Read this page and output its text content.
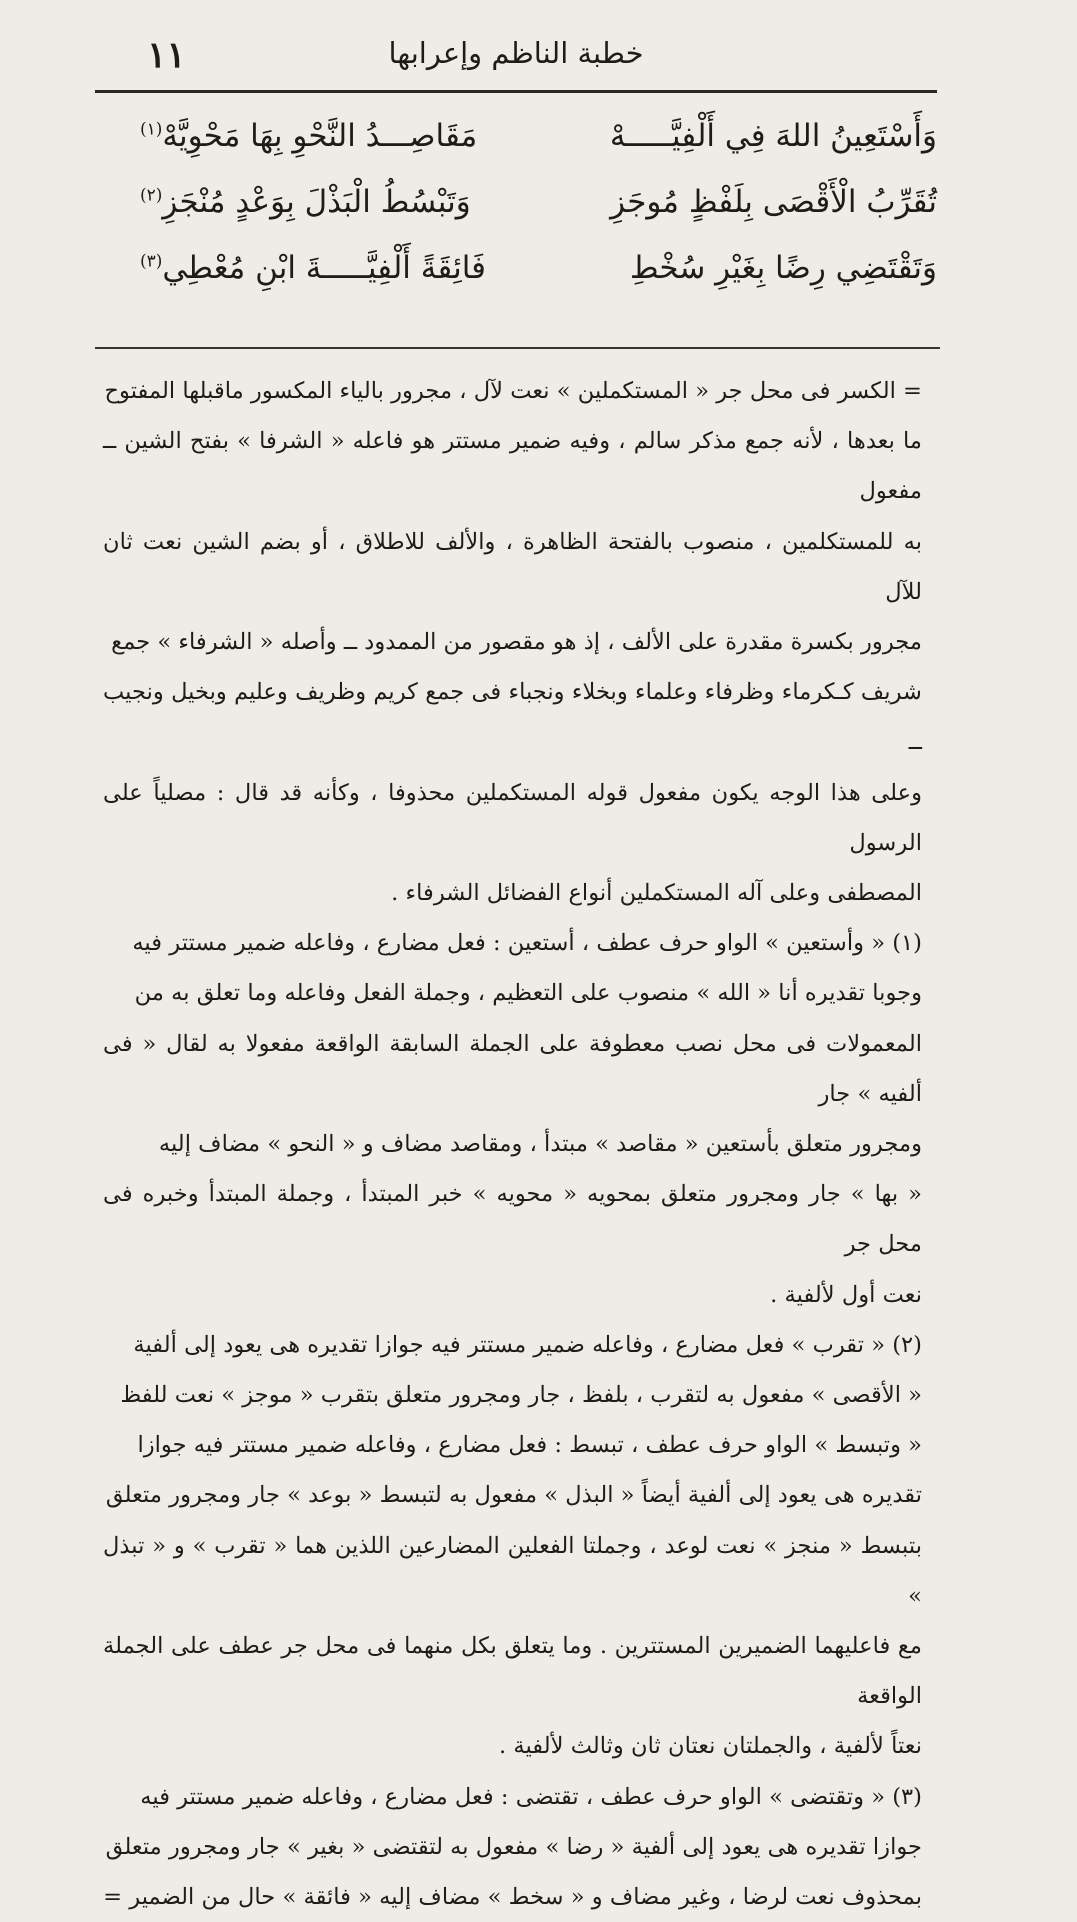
١١	خطبة الناظم وإعرابها
وَأَسْتَعِينُ اللهَ فِي أَلْفِيَّـــــهْ
مَقَاصِـــدُ النَّحْوِ بِهَا مَحْوِيَّهْ$^{(١)}$
تُقَرِّبُ الْأَقْصَى بِلَفْظٍ مُوجَزِ
وَتَبْسُطُ الْبَذْلَ بِوَعْدٍ مُنْجَزِ$^{(٢)}$
وَتَقْتَضِي رِضًا بِغَيْرِ سُخْطِ
فَائِقَةً أَلْفِيَّـــــةَ ابْنِ مُعْطِي$^{(٣)}$
= الكسر فى محل جر « المستكملين » نعت لآل ، مجرور بالياء المكسور ماقبلها المفتوح
ما بعدها ، لأنه جمع مذكر سالم ، وفيه ضمير مستتر هو فاعله « الشرفا » بفتح الشين ــ مفعول
به للمستكلمين ، منصوب بالفتحة الظاهرة ، والألف للاطلاق ، أو بضم الشين نعت ثان للآل
مجرور بكسرة مقدرة على الألف ، إذ هو مقصور من الممدود ــ وأصله « الشرفاء » جمع
شريف كـكرماء وظرفاء وعلماء وبخلاء ونجباء فى جمع كريم وظريف وعليم وبخيل ونجيب ــ
وعلى هذا الوجه يكون مفعول قوله المستكملين محذوفا ، وكأنه قد قال : مصلياً على الرسول
المصطفى وعلى آله المستكملين أنواع الفضائل الشرفاء .
(١) « وأستعين » الواو حرف عطف ، أستعين : فعل مضارع ، وفاعله ضمير مستتر فيه
وجوبا تقديره أنا « الله » منصوب على التعظيم ، وجملة الفعل وفاعله وما تعلق به من
المعمولات فى محل نصب معطوفة على الجملة السابقة الواقعة مفعولا به لقال « فى ألفيه » جار
ومجرور متعلق بأستعين « مقاصد » مبتدأ ، ومقاصد مضاف و « النحو » مضاف إليه
« بها » جار ومجرور متعلق بمحويه « محويه » خبر المبتدأ ، وجملة المبتدأ وخبره فى محل جر
نعت أول لألفية .
(٢) « تقرب » فعل مضارع ، وفاعله ضمير مستتر فيه جوازا تقديره هى يعود إلى ألفية
« الأقصى » مفعول به لتقرب ، بلفظ ، جار ومجرور متعلق بتقرب « موجز » نعت للفظ
« وتبسط » الواو حرف عطف ، تبسط : فعل مضارع ، وفاعله ضمير مستتر فيه جوازا
تقديره هى يعود إلى ألفية أيضاً « البذل » مفعول به لتبسط « بوعد » جار ومجرور متعلق
بتبسط « منجز » نعت لوعد ، وجملتا الفعلين المضارعين اللذين هما « تقرب » و « تبذل »
مع فاعليهما الضميرين المستترين . وما يتعلق بكل منهما فى محل جر عطف على الجملة الواقعة
نعتاً لألفية ، والجملتان نعتان ثان وثالث لألفية .
(٣) « وتقتضى » الواو حرف عطف ، تقتضى : فعل مضارع ، وفاعله ضمير مستتر فيه
جوازا تقديره هى يعود إلى ألفية « رضا » مفعول به لتقتضى « بغير » جار ومجرور متعلق
بمحذوف نعت لرضا ، وغير مضاف و « سخط » مضاف إليه « فائقة » حال من الضمير =
